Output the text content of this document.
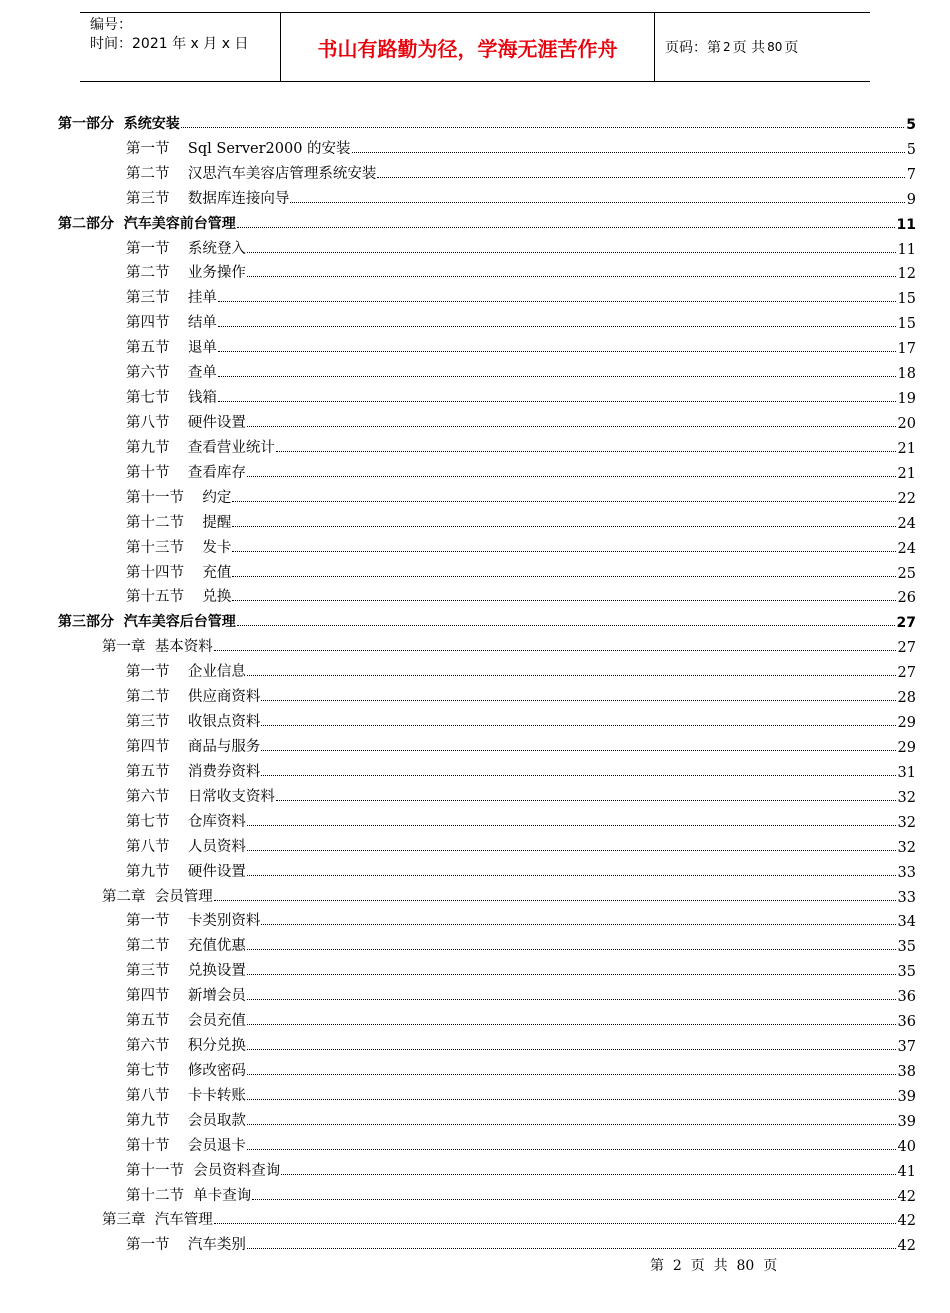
编号：
时间：2021 年 x 月 x 日	书山有路勤为径，学海无涯苦作舟	页码：第 2 页 共 80 页
第一部分  系统安装	5
第一节    Sql Server2000 的安装	5
第二节    汉思汽车美容店管理系统安装	7
第三节    数据库连接向导	9
第二部分  汽车美容前台管理	11
第一节    系统登入	11
第二节    业务操作	12
第三节    挂单	15
第四节    结单	15
第五节    退单	17
第六节    查单	18
第七节    钱箱	19
第八节    硬件设置	20
第九节    查看营业统计	21
第十节    查看库存	21
第十一节    约定	22
第十二节    提醒	24
第十三节    发卡	24
第十四节    充值	25
第十五节    兑换	26
第三部分  汽车美容后台管理	27
第一章  基本资料	27
第一节    企业信息	27
第二节    供应商资料	28
第三节    收银点资料	29
第四节    商品与服务	29
第五节    消费券资料	31
第六节    日常收支资料	32
第七节    仓库资料	32
第八节    人员资料	32
第九节    硬件设置	33
第二章  会员管理	33
第一节    卡类别资料	34
第二节    充值优惠	35
第三节    兑换设置	35
第四节    新增会员	36
第五节    会员充值	36
第六节    积分兑换	37
第七节    修改密码	38
第八节    卡卡转账	39
第九节    会员取款	39
第十节    会员退卡	40
第十一节  会员资料查询	41
第十二节  单卡查询	42
第三章  汽车管理	42
第一节    汽车类别	42
第  2  页  共  80  页
